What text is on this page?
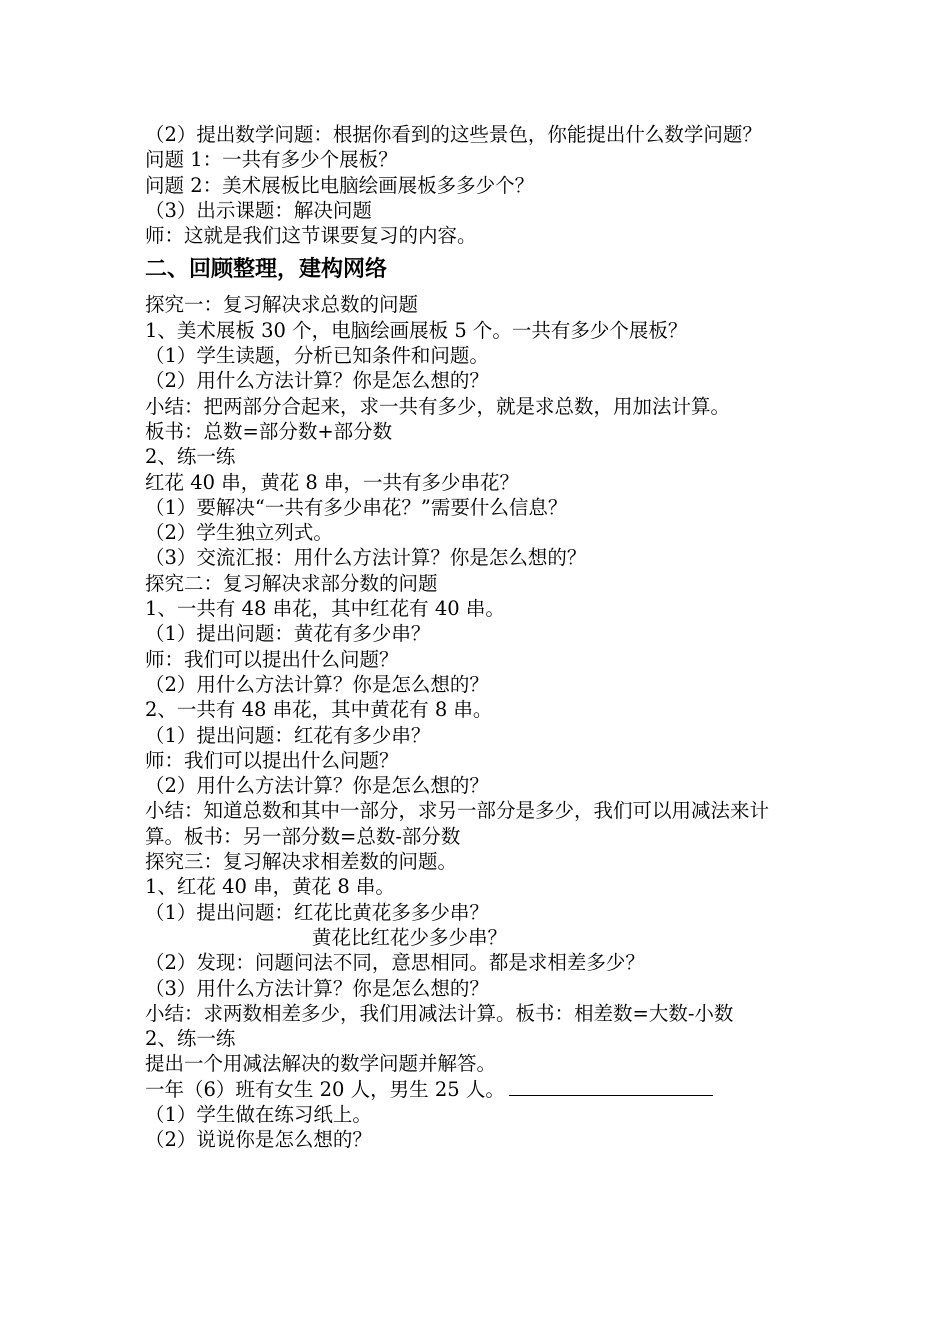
（2）提出数学问题：根据你看到的这些景色，你能提出什么数学问题？
问题 1：一共有多少个展板？
问题 2：美术展板比电脑绘画展板多多少个？
（3）出示课题：解决问题
师：这就是我们这节课要复习的内容。
二、回顾整理，建构网络
探究一：复习解决求总数的问题
1、美术展板 30 个，电脑绘画展板 5 个。一共有多少个展板？
（1）学生读题，分析已知条件和问题。
（2）用什么方法计算？你是怎么想的？
小结：把两部分合起来，求一共有多少，就是求总数，用加法计算。
板书：总数=部分数+部分数
2、练一练
红花 40 串，黄花 8 串，一共有多少串花？
（1）要解决“一共有多少串花？”需要什么信息？
（2）学生独立列式。
（3）交流汇报：用什么方法计算？你是怎么想的？
探究二：复习解决求部分数的问题
1、一共有 48 串花，其中红花有 40 串。
（1）提出问题：黄花有多少串？
师：我们可以提出什么问题？
（2）用什么方法计算？你是怎么想的？
2、一共有 48 串花，其中黄花有 8 串。
（1）提出问题：红花有多少串？
师：我们可以提出什么问题？
（2）用什么方法计算？你是怎么想的？
小结：知道总数和其中一部分，求另一部分是多少，我们可以用减法来计算。板书：另一部分数=总数-部分数
探究三：复习解决求相差数的问题。
1、红花 40 串，黄花 8 串。
（1）提出问题：红花比黄花多多少串？
黄花比红花少多少串？
（2）发现：问题问法不同，意思相同。都是求相差多少？
（3）用什么方法计算？你是怎么想的？
小结：求两数相差多少，我们用减法计算。板书：相差数=大数-小数
2、练一练
提出一个用减法解决的数学问题并解答。
一年（6）班有女生 20 人，男生 25 人。
（1）学生做在练习纸上。
（2）说说你是怎么想的？
